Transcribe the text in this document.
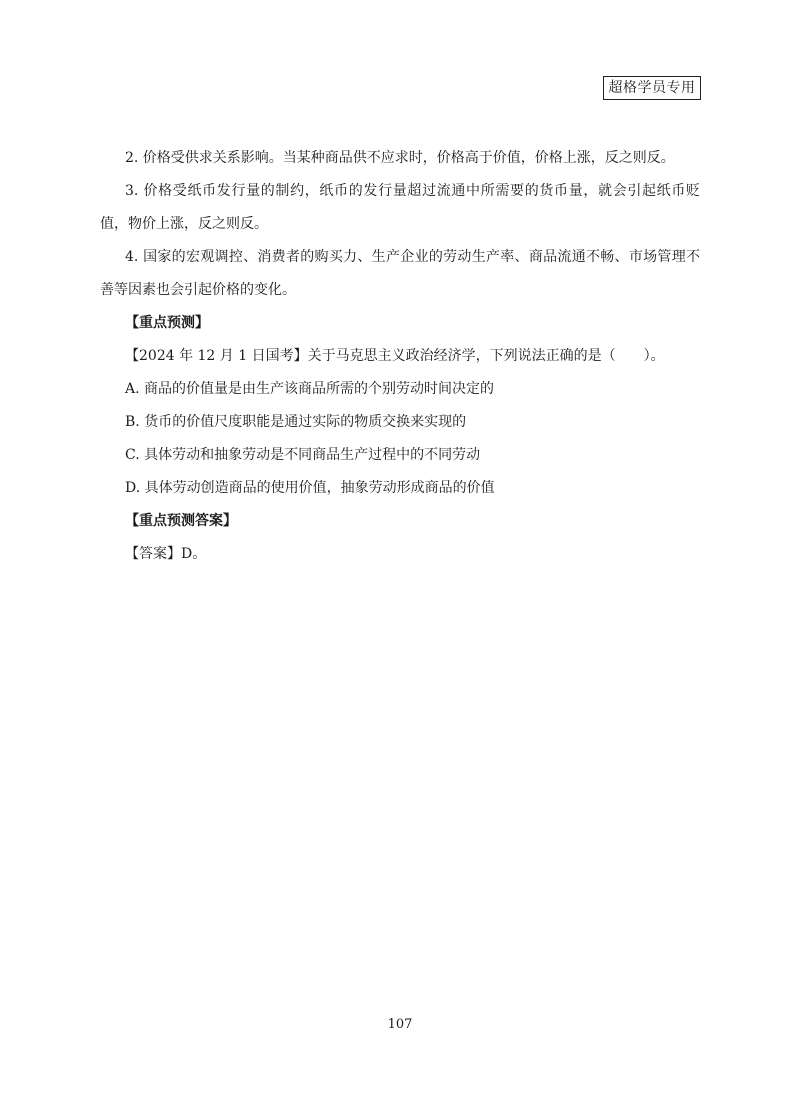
超格学员专用

2. 价格受供求关系影响。当某种商品供不应求时，价格高于价值，价格上涨，反之则反。

3. 价格受纸币发行量的制约，纸币的发行量超过流通中所需要的货币量，就会引起纸币贬值，物价上涨，反之则反。

4. 国家的宏观调控、消费者的购买力、生产企业的劳动生产率、商品流通不畅、市场管理不善等因素也会引起价格的变化。

【重点预测】

【2024 年 12 月 1 日国考】关于马克思主义政治经济学，下列说法正确的是（　　）。

A. 商品的价值量是由生产该商品所需的个别劳动时间决定的

B. 货币的价值尺度职能是通过实际的物质交换来实现的

C. 具体劳动和抽象劳动是不同商品生产过程中的不同劳动

D. 具体劳动创造商品的使用价值，抽象劳动形成商品的价值

【重点预测答案】

【答案】D。

107
